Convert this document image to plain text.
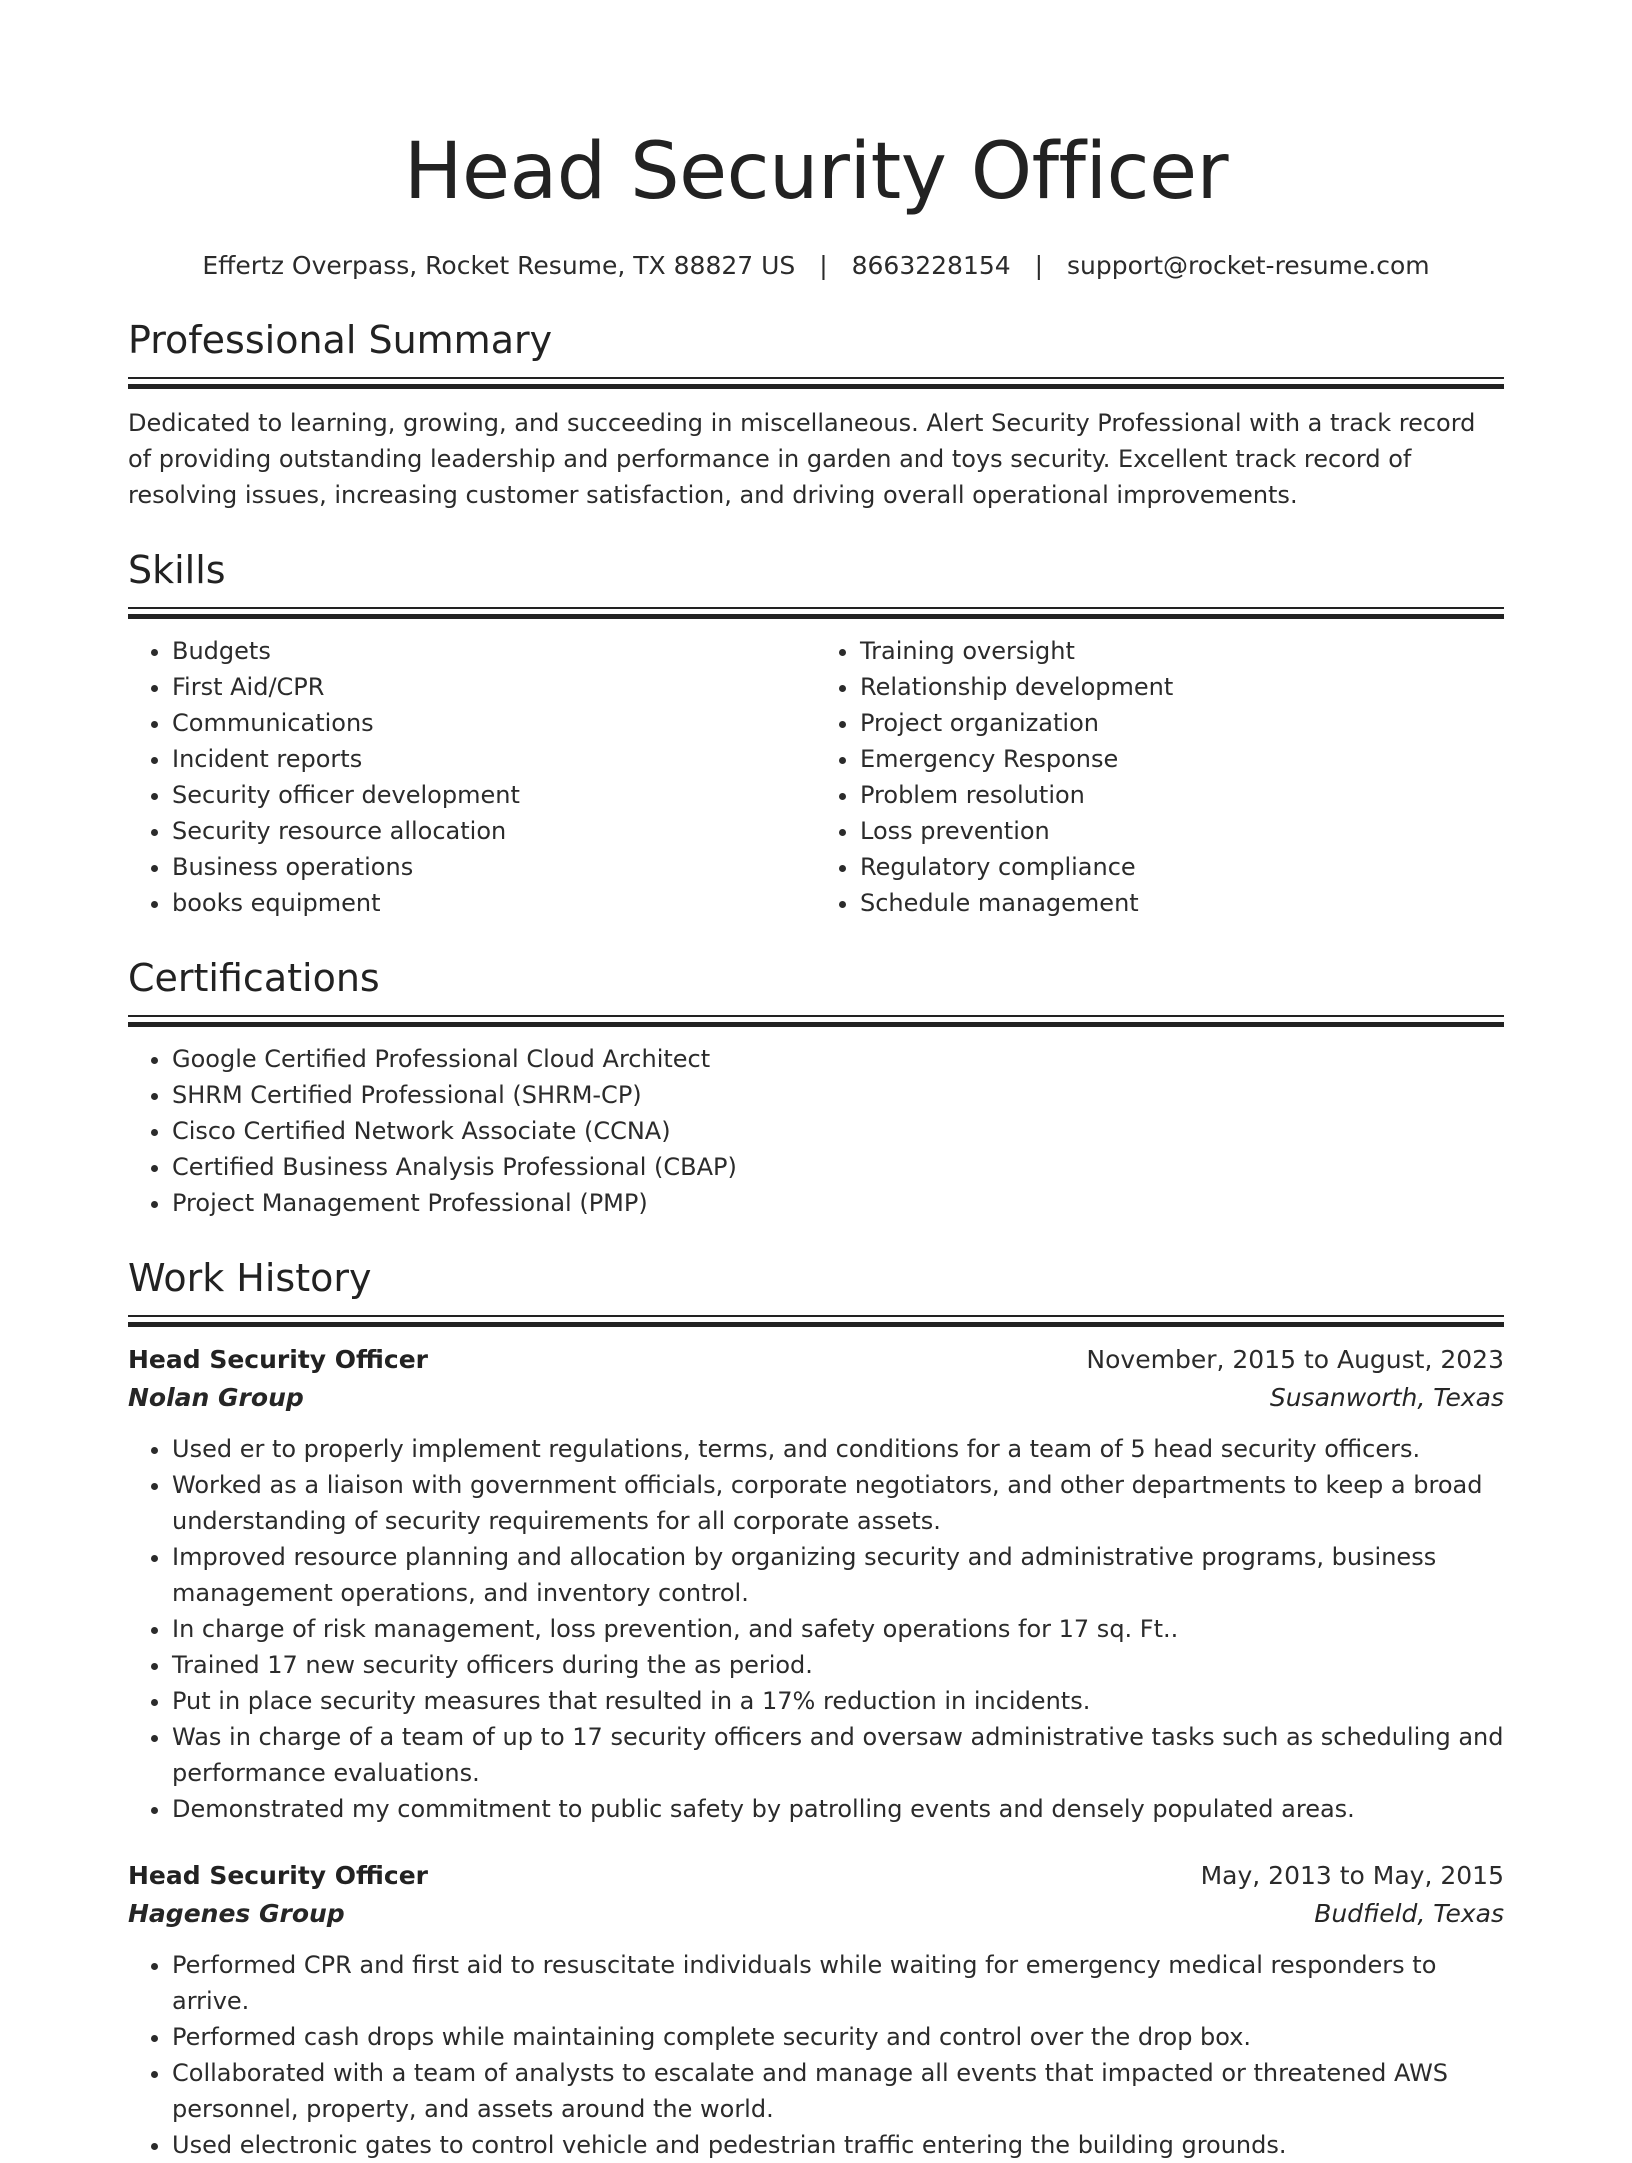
Head Security Officer
Effertz Overpass, Rocket Resume, TX 88827 US | 8663228154 | support@rocket-resume.com
Professional Summary

Dedicated to learning, growing, and succeeding in miscellaneous. Alert Security Professional with a track record of providing outstanding leadership and performance in garden and toys security. Excellent track record of resolving issues, increasing customer satisfaction, and driving overall operational improvements.

Skills
• Budgets
• First Aid/CPR
• Communications
• Incident reports
• Security officer development
• Security resource allocation
• Business operations
• books equipment
• Training oversight
• Relationship development
• Project organization
• Emergency Response
• Problem resolution
• Loss prevention
• Regulatory compliance
• Schedule management
Certifications
• Google Certified Professional Cloud Architect
• SHRM Certified Professional (SHRM-CP)
• Cisco Certified Network Associate (CCNA)
• Certified Business Analysis Professional (CBAP)
• Project Management Professional (PMP)
Work History
Head Security Officer	November, 2015 to August, 2023
Nolan Group	Susanworth, Texas
• Used er to properly implement regulations, terms, and conditions for a team of 5 head security officers.
• Worked as a liaison with government officials, corporate negotiators, and other departments to keep a broad understanding of security requirements for all corporate assets.
• Improved resource planning and allocation by organizing security and administrative programs, business management operations, and inventory control.
• In charge of risk management, loss prevention, and safety operations for 17 sq. Ft..
• Trained 17 new security officers during the as period.
• Put in place security measures that resulted in a 17% reduction in incidents.
• Was in charge of a team of up to 17 security officers and oversaw administrative tasks such as scheduling and performance evaluations.
• Demonstrated my commitment to public safety by patrolling events and densely populated areas.
Head Security Officer	May, 2013 to May, 2015
Hagenes Group	Budfield, Texas
• Performed CPR and first aid to resuscitate individuals while waiting for emergency medical responders to arrive.
• Performed cash drops while maintaining complete security and control over the drop box.
• Collaborated with a team of analysts to escalate and manage all events that impacted or threatened AWS personnel, property, and assets around the world.
• Used electronic gates to control vehicle and pedestrian traffic entering the building grounds.
